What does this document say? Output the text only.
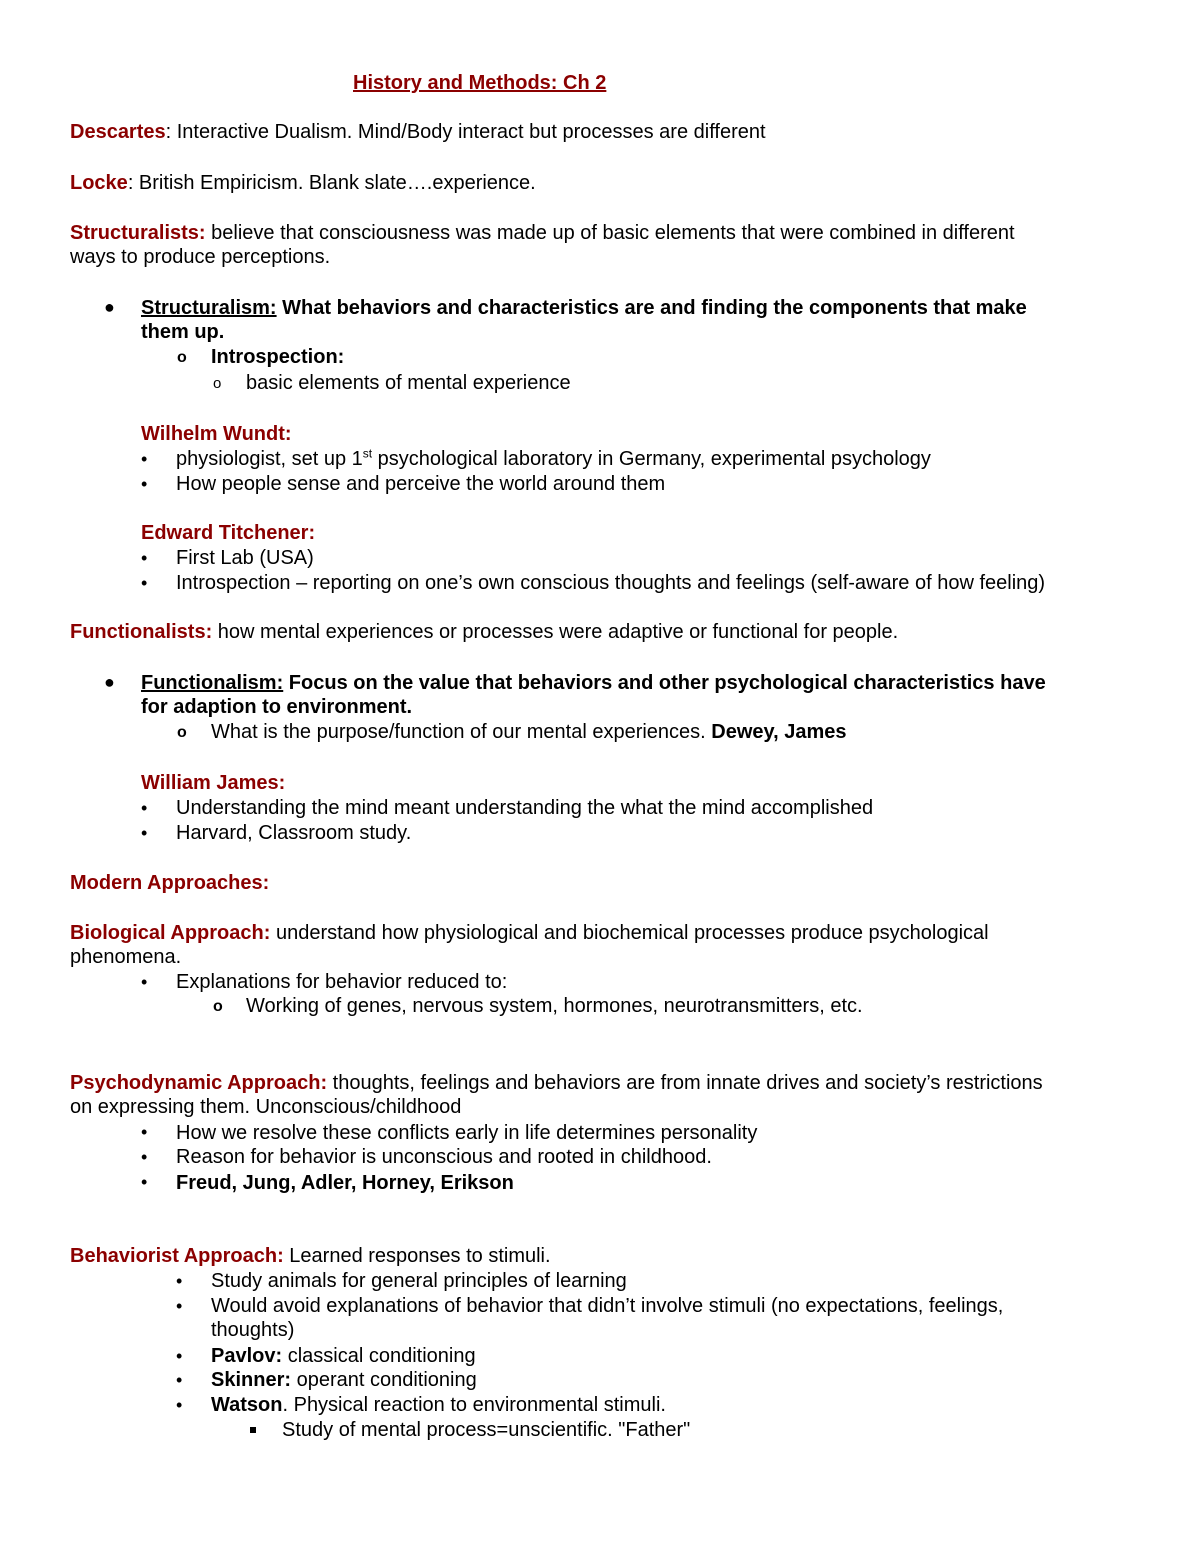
History and Methods: Ch 2
Descartes: Interactive Dualism. Mind/Body interact but processes are different
Locke: British Empiricism. Blank slate….experience.
Structuralists: believe that consciousness was made up of basic elements that were combined in different
ways to produce perceptions.
● Structuralism: What behaviors and characteristics are and finding the components that make
them up.
o Introspection:
o basic elements of mental experience
Wilhelm Wundt:
• physiologist, set up 1st psychological laboratory in Germany, experimental psychology
• How people sense and perceive the world around them
Edward Titchener:
• First Lab (USA)
• Introspection – reporting on one’s own conscious thoughts and feelings (self-aware of how feeling)
Functionalists: how mental experiences or processes were adaptive or functional for people.
● Functionalism: Focus on the value that behaviors and other psychological characteristics have
for adaption to environment.
o What is the purpose/function of our mental experiences. Dewey, James
William James:
• Understanding the mind meant understanding the what the mind accomplished
• Harvard, Classroom study.
Modern Approaches:
Biological Approach: understand how physiological and biochemical processes produce psychological
phenomena.
• Explanations for behavior reduced to:
o Working of genes, nervous system, hormones, neurotransmitters, etc.
Psychodynamic Approach: thoughts, feelings and behaviors are from innate drives and society’s restrictions
on expressing them. Unconscious/childhood
• How we resolve these conflicts early in life determines personality
• Reason for behavior is unconscious and rooted in childhood.
• Freud, Jung, Adler, Horney, Erikson
Behaviorist Approach: Learned responses to stimuli.
• Study animals for general principles of learning
• Would avoid explanations of behavior that didn’t involve stimuli (no expectations, feelings,
thoughts)
• Pavlov: classical conditioning
• Skinner: operant conditioning
• Watson. Physical reaction to environmental stimuli.
Study of mental process=unscientific. "Father"
